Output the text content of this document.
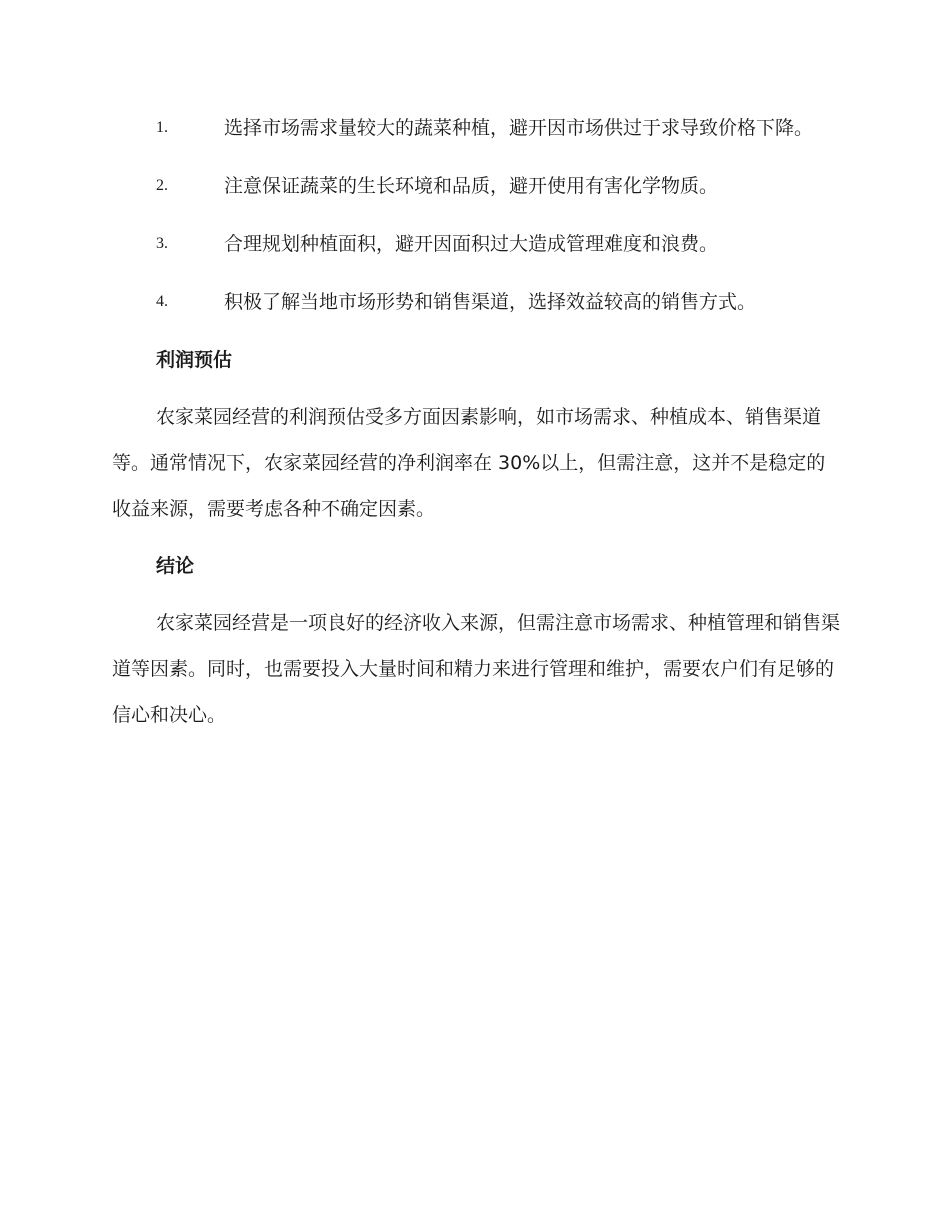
1.	选择市场需求量较大的蔬菜种植，避开因市场供过于求导致价格下降。
2.	注意保证蔬菜的生长环境和品质，避开使用有害化学物质。
3.	合理规划种植面积，避开因面积过大造成管理难度和浪费。
4.	积极了解当地市场形势和销售渠道，选择效益较高的销售方式。
利润预估

农家菜园经营的利润预估受多方面因素影响，如市场需求、种植成本、销售渠道等。通常情况下，农家菜园经营的净利润率在 30%以上，但需注意，这并不是稳定的收益来源，需要考虑各种不确定因素。

结论

农家菜园经营是一项良好的经济收入来源，但需注意市场需求、种植管理和销售渠道等因素。同时，也需要投入大量时间和精力来进行管理和维护，需要农户们有足够的信心和决心。
